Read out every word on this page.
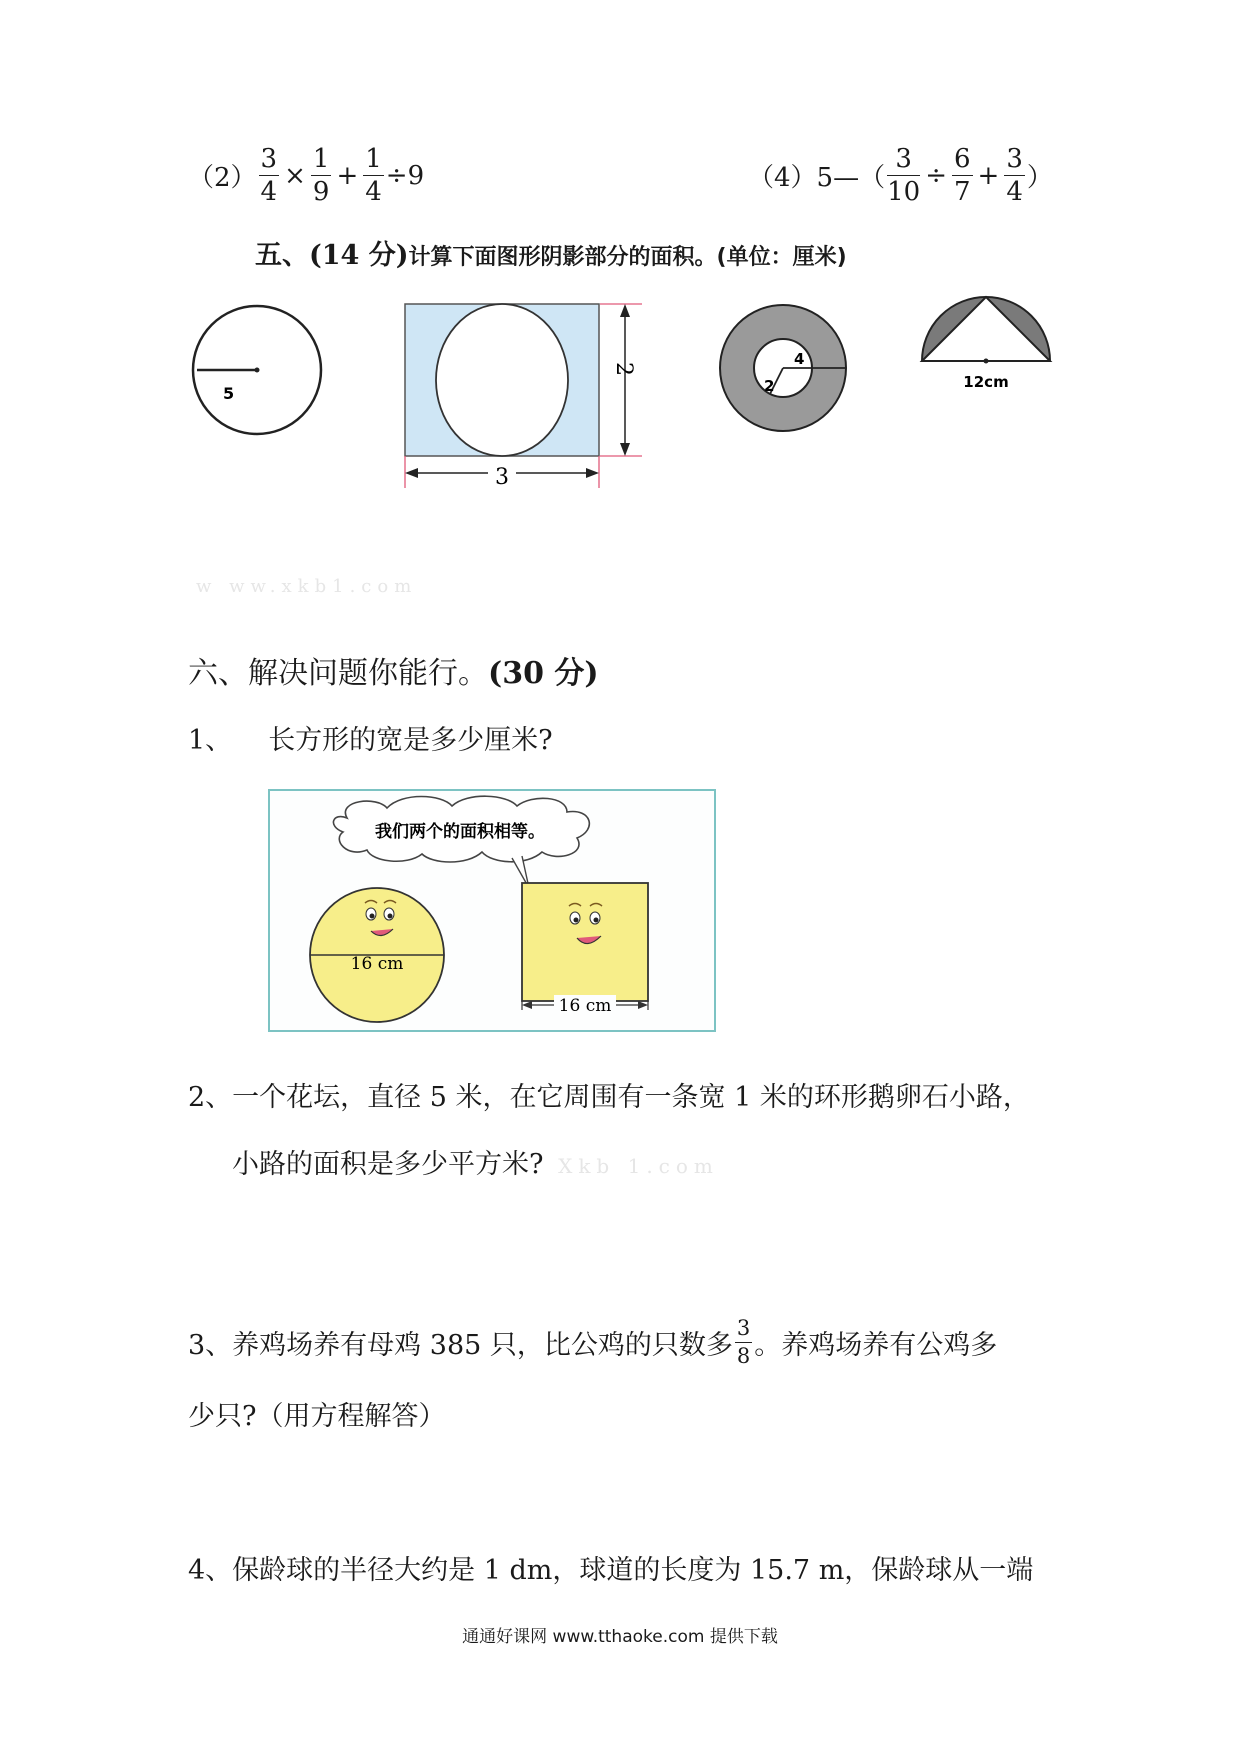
$(2) \frac{3}{4} \times \frac{1}{9} + \frac{1}{4} \div 9$	（4）5—（ $\frac{3}{10} \div \frac{6}{7} + \frac{3}{4}$ ）
五、(14 分)计算下面图形阴影部分的面积。(单位：厘米)
5
2
3
4
2	12cm
w ww.xkb1.com
六、解决问题你能行。(30 分)
1、 长方形的宽是多少厘米?
我们两个的面积相等。
16 cm
16 cm
2、一个花坛，直径 5 米，在它周围有一条宽 1 米的环形鹅卵石小路，
小路的面积是多少平方米? Xkb 1.com
3、养鸡场养有母鸡 385 只，比公鸡的只数多 $\frac{3}{8}$ 。养鸡场养有公鸡多
少只?（用方程解答）
4、保龄球的半径大约是 1 dm，球道的长度为 15.7 m，保龄球从一端
通通好课网 www.tthaoke.com 提供下载
